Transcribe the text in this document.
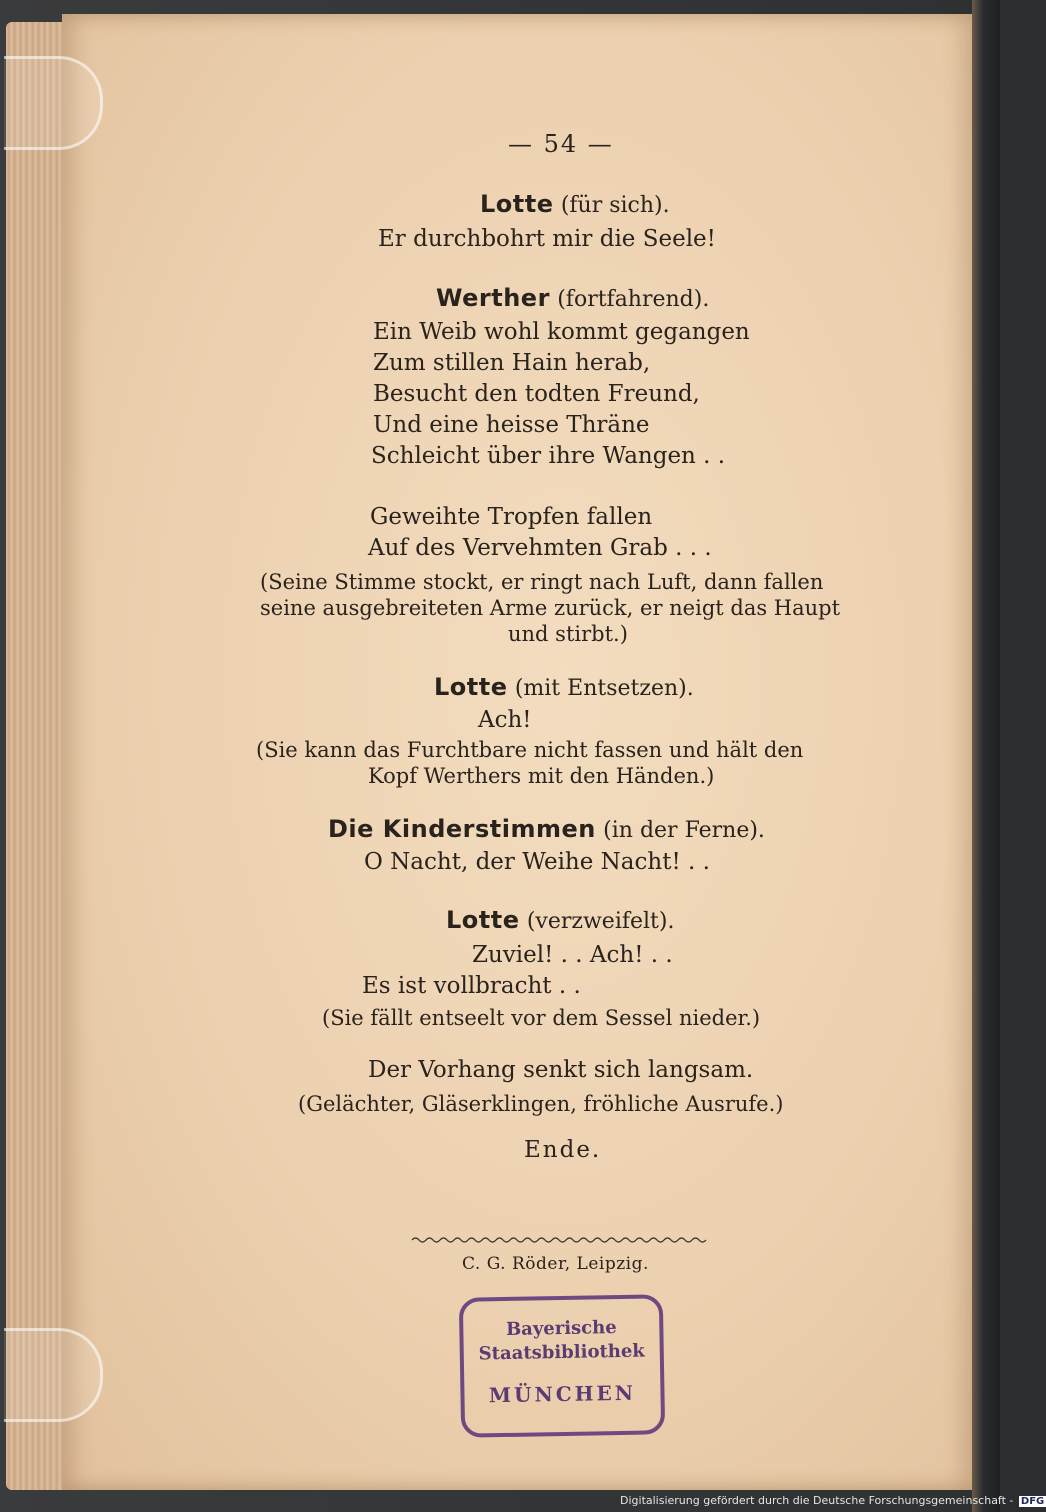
— 54 —
Lotte (für sich).
Er durchbohrt mir die Seele!
Werther (fortfahrend).
Ein Weib wohl kommt gegangen
Zum stillen Hain herab,
Besucht den todten Freund,
Und eine heisse Thräne
Schleicht über ihre Wangen . .
Geweihte Tropfen fallen
Auf des Vervehmten Grab . . .
(Seine Stimme stockt, er ringt nach Luft, dann fallen
seine ausgebreiteten Arme zurück, er neigt das Haupt
und stirbt.)
Lotte (mit Entsetzen).
Ach!
(Sie kann das Furchtbare nicht fassen und hält den
Kopf Werthers mit den Händen.)
Die Kinderstimmen (in der Ferne).
O Nacht, der Weihe Nacht! . .
Lotte (verzweifelt).
Zuviel! . . Ach! . .
Es ist vollbracht . .
(Sie fällt entseelt vor dem Sessel nieder.)
Der Vorhang senkt sich langsam.
(Gelächter, Gläserklingen, fröhliche Ausrufe.)
Ende.
C. G. Röder, Leipzig.
Bayerische
Staatsbibliothek
MÜNCHEN
Digitalisierung gefördert durch die Deutsche Forschungsgemeinschaft - DFG
